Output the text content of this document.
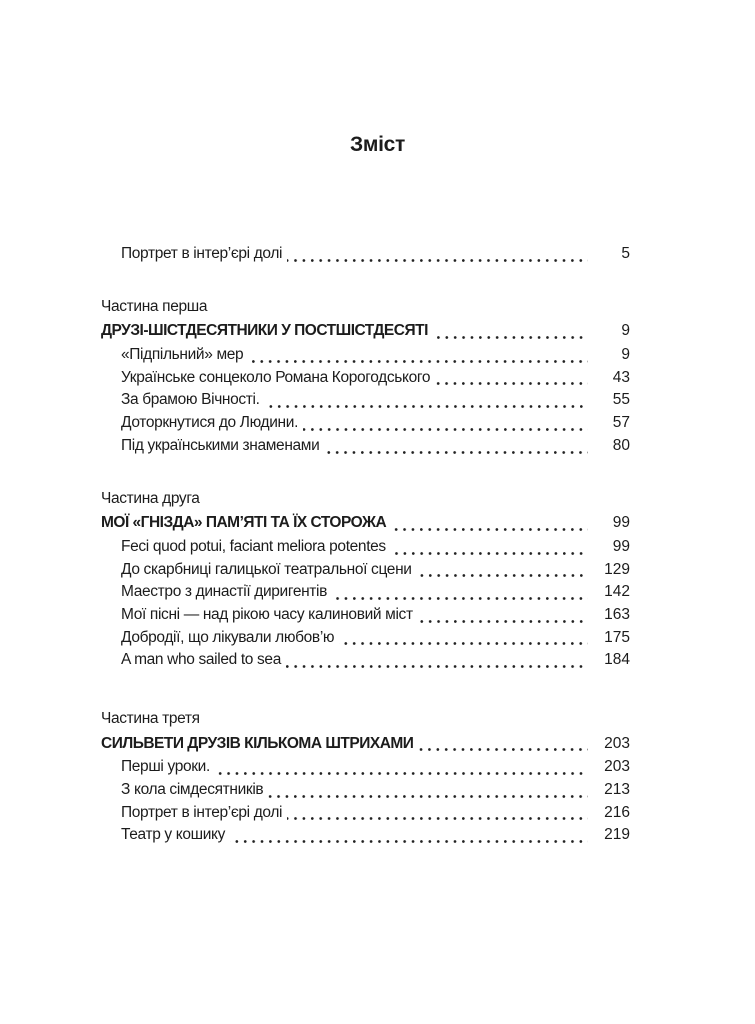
Зміст
Портрет в інтер’єрі долі	5
Частина перша
ДРУЗІ-ШІСТДЕСЯТНИКИ У ПОСТШІСТДЕСЯТІ	9
«Підпільний» мер	9
Українське сонцеколо Романа Корогодського	43
За брамою Вічності.	55
Доторкнутися до Людини.	57
Під українськими знаменами	80
Частина друга
МОЇ «ГНІЗДА» ПАМ’ЯТІ ТА ЇХ СТОРОЖА	99
Feci quod potui, faciant meliora potentes	99
До скарбниці галицької театральної сцени	129
Маестро з династії диригентів	142
Мої пісні — над рікою часу калиновий міст	163
Добродії, що лікували любов’ю	175
A man who sailed to sea	184
Частина третя
СИЛЬВЕТИ ДРУЗІВ КІЛЬКОМА ШТРИХАМИ	203
Перші уроки.	203
З кола сімдесятників	213
Портрет в інтер’єрі долі	216
Театр у кошику	219
